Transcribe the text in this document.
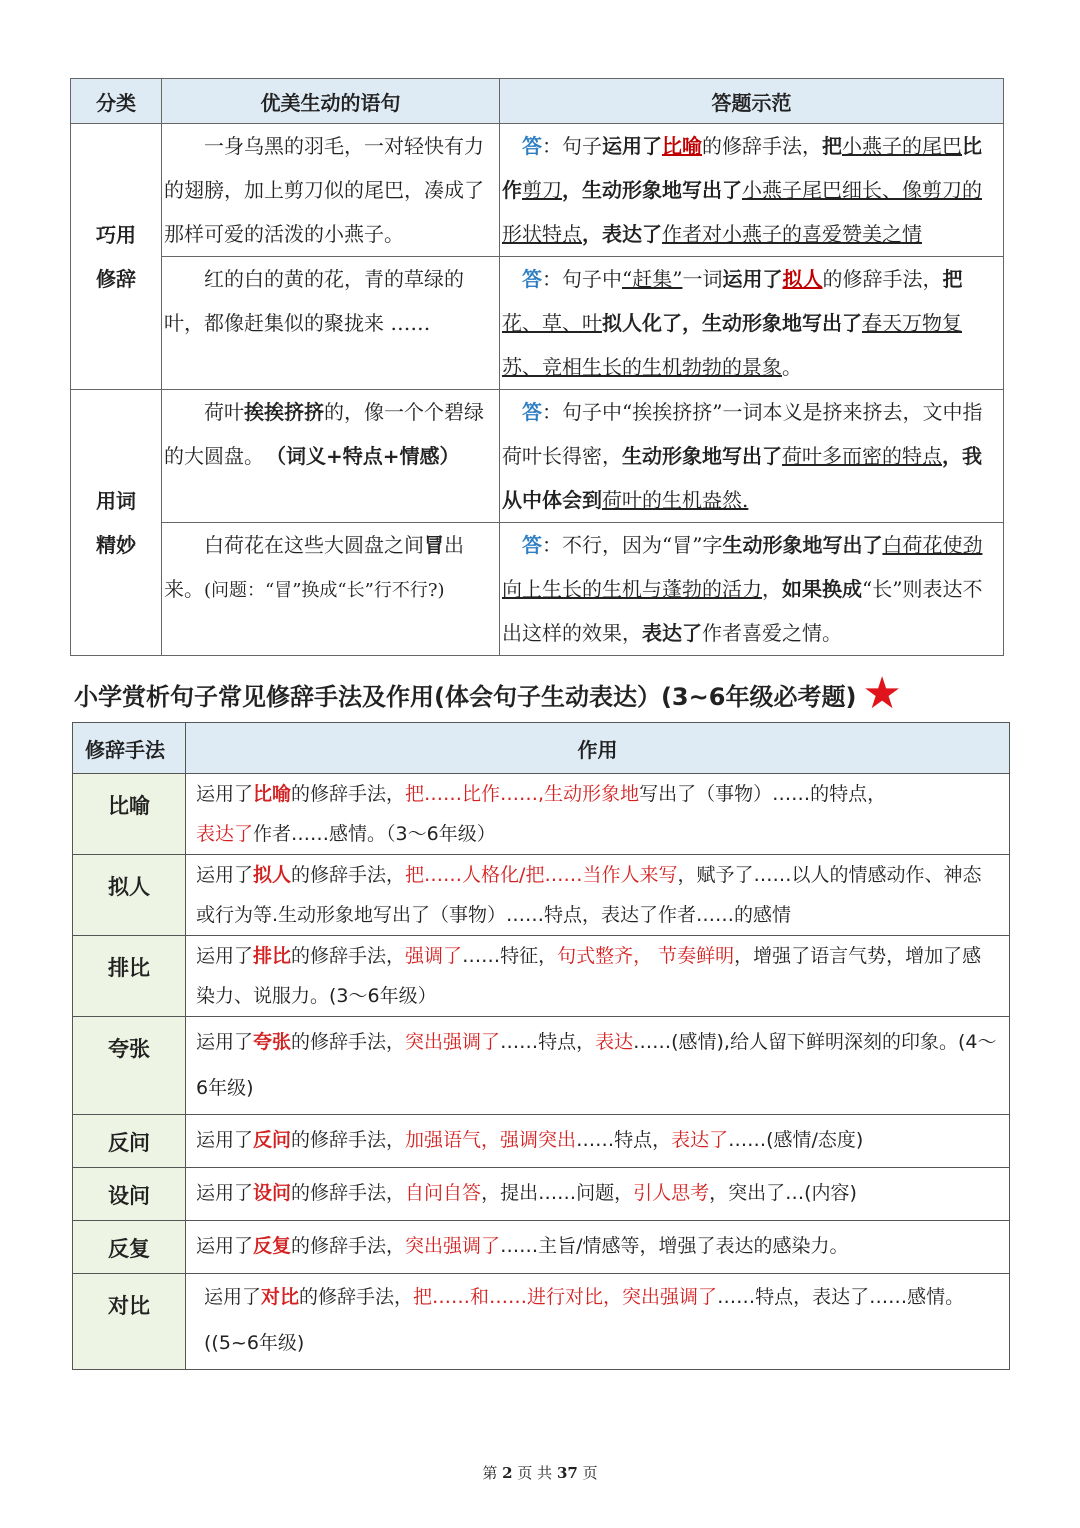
分类	优美生动的语句	答题示范

巧用
修辞	一身乌黑的羽毛，一对轻快有力的翅膀，加上剪刀似的尾巴，凑成了那样可爱的活泼的小燕子。	答：句子运用了比喻的修辞手法，把小燕子的尾巴比作剪刀，生动形象地写出了小燕子尾巴细长、像剪刀的形状特点，表达了作者对小燕子的喜爱赞美之情
	红的白的黄的花，青的草绿的叶，都像赶集似的聚拢来 ……	答：句子中“赶集”一词运用了拟人的修辞手法，把花、草、叶拟人化了，生动形象地写出了春天万物复苏、竞相生长的生机勃勃的景象。

用词
精妙	荷叶挨挨挤挤的，像一个个碧绿的大圆盘。 （词义+特点+情感）	答：句子中“挨挨挤挤”一词本义是挤来挤去，文中指荷叶长得密，生动形象地写出了荷叶多而密的特点，我从中体会到荷叶的生机盎然.
	白荷花在这些大圆盘之间冒出来。(问题：“冒”换成“长”行不行?)	答：不行，因为“冒”字生动形象地写出了白荷花使劲向上生长的生机与蓬勃的活力，如果换成“长”则表达不出这样的效果，表达了作者喜爱之情。
小学赏析句子常见修辞手法及作用(体会句子生动表达）(3~6年级必考题) ★
修辞手法	作用
比喻	运用了比喻的修辞手法，把……比作……,生动形象地写出了（事物）……的特点，
表达了作者……感情。（3～6年级）
拟人	运用了拟人的修辞手法，把……人格化/把……当作人来写，赋予了……以人的情感动作、神态或行为等.生动形象地写出了（事物）……特点，表达了作者……的感情
排比	运用了排比的修辞手法，强调了……特征，句式整齐， 节奏鲜明，增强了语言气势，增加了感染力、说服力。(3～6年级）
夸张	运用了夸张的修辞手法，突出强调了……特点，表达……(感情),给人留下鲜明深刻的印象。(4～6年级)
反问	运用了反问的修辞手法，加强语气，强调突出……特点，表达了……(感情/态度)
设问	运用了设问的修辞手法，自问自答，提出……问题，引人思考，突出了…(内容)
反复	运用了反复的修辞手法，突出强调了……主旨/情感等，增强了表达的感染力。
对比	运用了对比的修辞手法，把……和……进行对比，突出强调了……特点，表达了……感情。 ((5~6年级)
第 2 页 共 37 页
